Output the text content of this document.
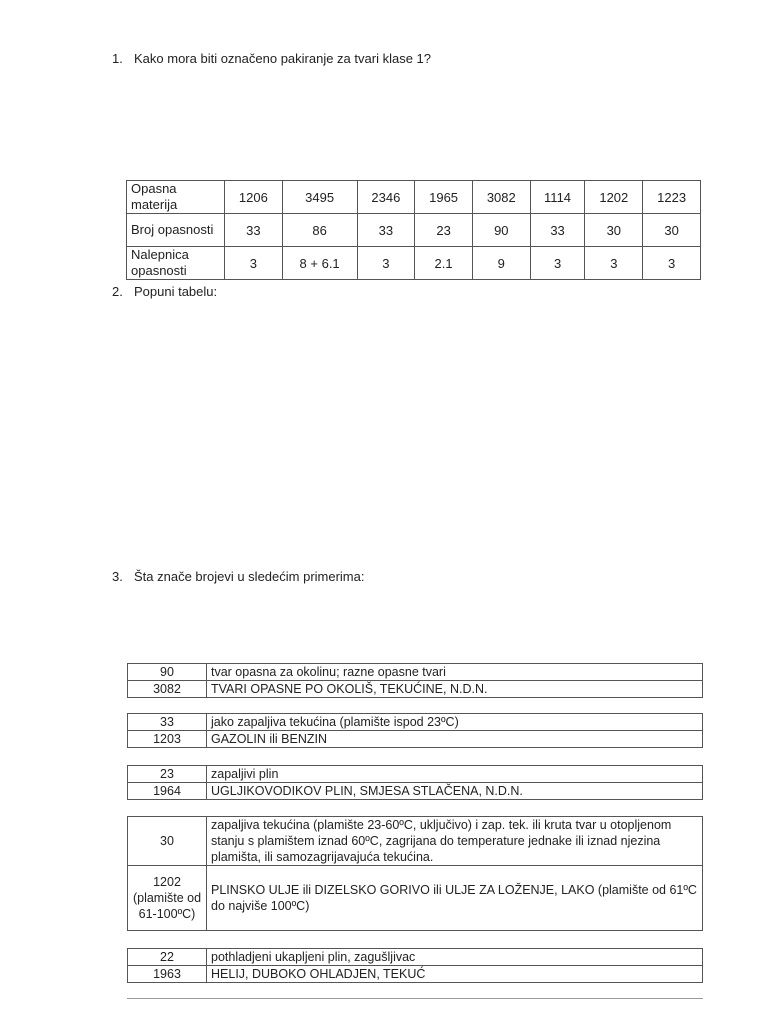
1. Kako mora biti označeno pakiranje za tvari klase 1?
Opasna materija	1206	3495	2346	1965	3082	1114	1202	1223
Broj opasnosti	33	86	33	23	90	33	30	30
Nalepnica opasnosti	3	8 + 6.1	3	2.1	9	3	3	3
2. Popuni tabelu:
3. Šta znače brojevi u sledećim primerima:
90	tvar opasna za okolinu; razne opasne tvari
3082	TVARI OPASNE PO OKOLIŠ, TEKUĆINE, N.D.N.
33	jako zapaljiva tekućina (plamište ispod 23ºC)
1203	GAZOLIN ili BENZIN
23	zapaljivi plin
1964	UGLJIKOVODIKOV PLIN, SMJESA STLAČENA, N.D.N.
30	zapaljiva tekućina (plamište 23-60ºC, uključivo) i zap. tek. ili kruta tvar u otopljenom stanju s plamištem iznad 60ºC, zagrijana do temperature jednake ili iznad njezina plamišta, ili samozagrijavajuća tekućina.
1202 (plamište od 61-100ºC)	PLINSKO ULJE ili DIZELSKO GORIVO ili ULJE ZA LOŽENJE, LAKO (plamište od 61ºC do najviše 100ºC)
22	pothladjeni ukapljeni plin, zagušljivac
1963	HELIJ, DUBOKO OHLADJEN, TEKUĆ
